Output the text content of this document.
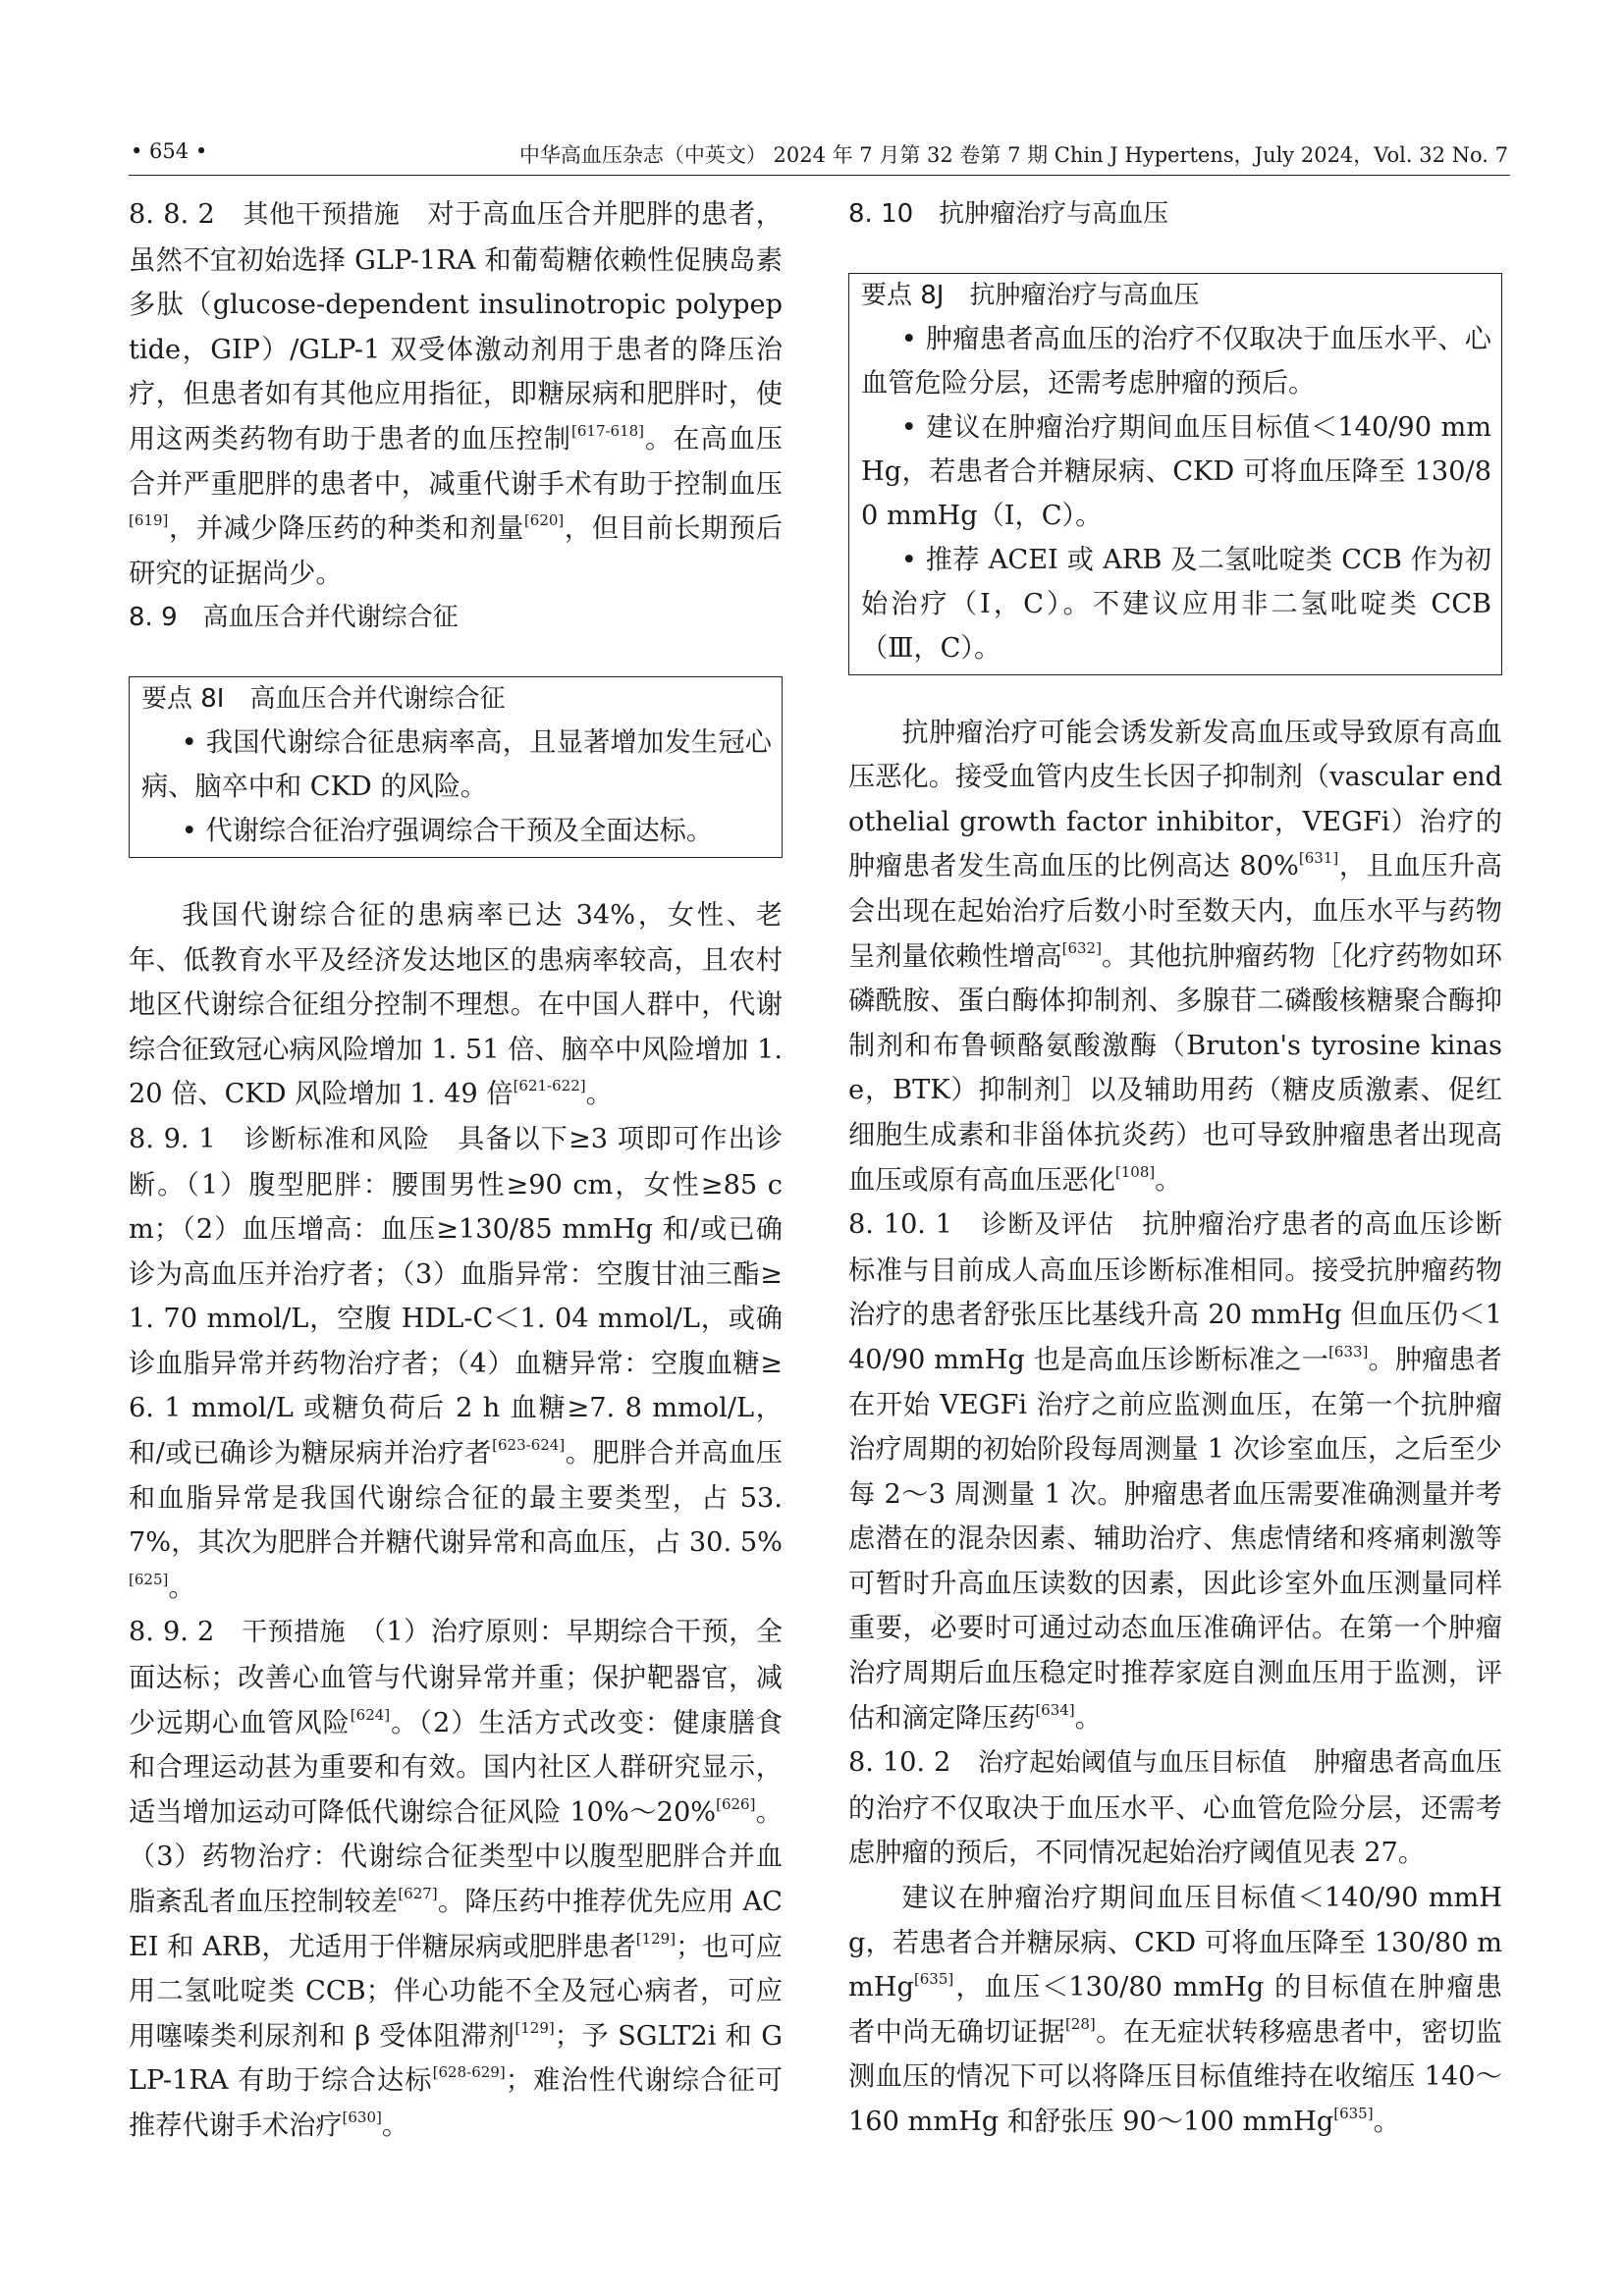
• 654 •	中华高血压杂志（中英文） 2024 年 7 月第 32 卷第 7 期 Chin J Hypertens，July 2024，Vol. 32 No. 7

8. 8. 2　 其他干预措施　 对于高血压合并肥胖的患者，虽然不宜初始选择 GLP-1RA 和葡萄糖依赖性促胰岛素多肽（glucose-dependent insulinotropic polypeptide，GIP）/GLP-1 双受体激动剂用于患者的降压治疗，但患者如有其他应用指征，即糖尿病和肥胖时，使用这两类药物有助于患者的血压控制[617-618]。在高血压合并严重肥胖的患者中，减重代谢手术有助于控制血压[619]，并减少降压药的种类和剂量[620]，但目前长期预后研究的证据尚少。

8. 9　高血压合并代谢综合征

要点 8I　高血压合并代谢综合征

• 我国代谢综合征患病率高，且显著增加发生冠心病、脑卒中和 CKD 的风险。

• 代谢综合征治疗强调综合干预及全面达标。

我国代谢综合征的患病率已达 34%，女性、老年、低教育水平及经济发达地区的患病率较高，且农村地区代谢综合征组分控制不理想。在中国人群中，代谢综合征致冠心病风险增加 1. 51 倍、脑卒中风险增加 1. 20 倍、CKD 风险增加 1. 49 倍[621-622]。

8. 9. 1　 诊断标准和风险　 具备以下≥3 项即可作出诊断。（1）腹型肥胖：腰围男性≥90 cm，女性≥85 cm；（2）血压增高：血压≥130/85 mmHg 和/或已确诊为高血压并治疗者；（3）血脂异常：空腹甘油三酯≥1. 70 mmol/L，空腹 HDL-C＜1. 04 mmol/L，或确诊血脂异常并药物治疗者；（4）血糖异常：空腹血糖≥6. 1 mmol/L 或糖负荷后 2 h 血糖≥7. 8 mmol/L，和/或已确诊为糖尿病并治疗者[623-624]。肥胖合并高血压和血脂异常是我国代谢综合征的最主要类型，占 53. 7%，其次为肥胖合并糖代谢异常和高血压，占 30. 5%[625]。

8. 9. 2　 干预措施　 （1）治疗原则：早期综合干预，全面达标；改善心血管与代谢异常并重；保护靶器官，减少远期心血管风险[624]。（2）生活方式改变：健康膳食和合理运动甚为重要和有效。国内社区人群研究显示，适当增加运动可降低代谢综合征风险 10%～20%[626]。（3）药物治疗：代谢综合征类型中以腹型肥胖合并血脂紊乱者血压控制较差[627]。降压药中推荐优先应用 ACEI 和 ARB，尤适用于伴糖尿病或肥胖患者[129]；也可应用二氢吡啶类 CCB；伴心功能不全及冠心病者，可应用噻嗪类利尿剂和 β 受体阻滞剂[129]；予 SGLT2i 和 GLP-1RA 有助于综合达标[628-629]；难治性代谢综合征可推荐代谢手术治疗[630]。

8. 10　抗肿瘤治疗与高血压

要点 8J　抗肿瘤治疗与高血压

• 肿瘤患者高血压的治疗不仅取决于血压水平、心血管危险分层，还需考虑肿瘤的预后。

• 建议在肿瘤治疗期间血压目标值＜140/90 mmHg，若患者合并糖尿病、CKD 可将血压降至 130/80 mmHg（Ⅰ，C）。

• 推荐 ACEI 或 ARB 及二氢吡啶类 CCB 作为初始治疗（Ⅰ，C）。不建议应用非二氢吡啶类 CCB（Ⅲ，C）。

抗肿瘤治疗可能会诱发新发高血压或导致原有高血压恶化。接受血管内皮生长因子抑制剂（vascular endothelial growth factor inhibitor，VEGFi）治疗的肿瘤患者发生高血压的比例高达 80%[631]，且血压升高会出现在起始治疗后数小时至数天内，血压水平与药物呈剂量依赖性增高[632]。其他抗肿瘤药物［化疗药物如环磷酰胺、蛋白酶体抑制剂、多腺苷二磷酸核糖聚合酶抑制剂和布鲁顿酪氨酸激酶（Bruton's tyrosine kinase，BTK）抑制剂］以及辅助用药（糖皮质激素、促红细胞生成素和非甾体抗炎药）也可导致肿瘤患者出现高血压或原有高血压恶化[108]。

8. 10. 1　 诊断及评估　 抗肿瘤治疗患者的高血压诊断标准与目前成人高血压诊断标准相同。接受抗肿瘤药物治疗的患者舒张压比基线升高 20 mmHg 但血压仍＜140/90 mmHg 也是高血压诊断标准之一[633]。肿瘤患者在开始 VEGFi 治疗之前应监测血压，在第一个抗肿瘤治疗周期的初始阶段每周测量 1 次诊室血压，之后至少每 2～3 周测量 1 次。肿瘤患者血压需要准确测量并考虑潜在的混杂因素、辅助治疗、焦虑情绪和疼痛刺激等可暂时升高血压读数的因素，因此诊室外血压测量同样重要，必要时可通过动态血压准确评估。在第一个肿瘤治疗周期后血压稳定时推荐家庭自测血压用于监测，评估和滴定降压药[634]。

8. 10. 2　 治疗起始阈值与血压目标值　 肿瘤患者高血压的治疗不仅取决于血压水平、心血管危险分层，还需考虑肿瘤的预后，不同情况起始治疗阈值见表 27。

建议在肿瘤治疗期间血压目标值＜140/90 mmHg，若患者合并糖尿病、CKD 可将血压降至 130/80 mmHg[635]，血压＜130/80 mmHg 的目标值在肿瘤患者中尚无确切证据[28]。在无症状转移癌患者中，密切监测血压的情况下可以将降压目标值维持在收缩压 140～160 mmHg 和舒张压 90～100 mmHg[635]。
